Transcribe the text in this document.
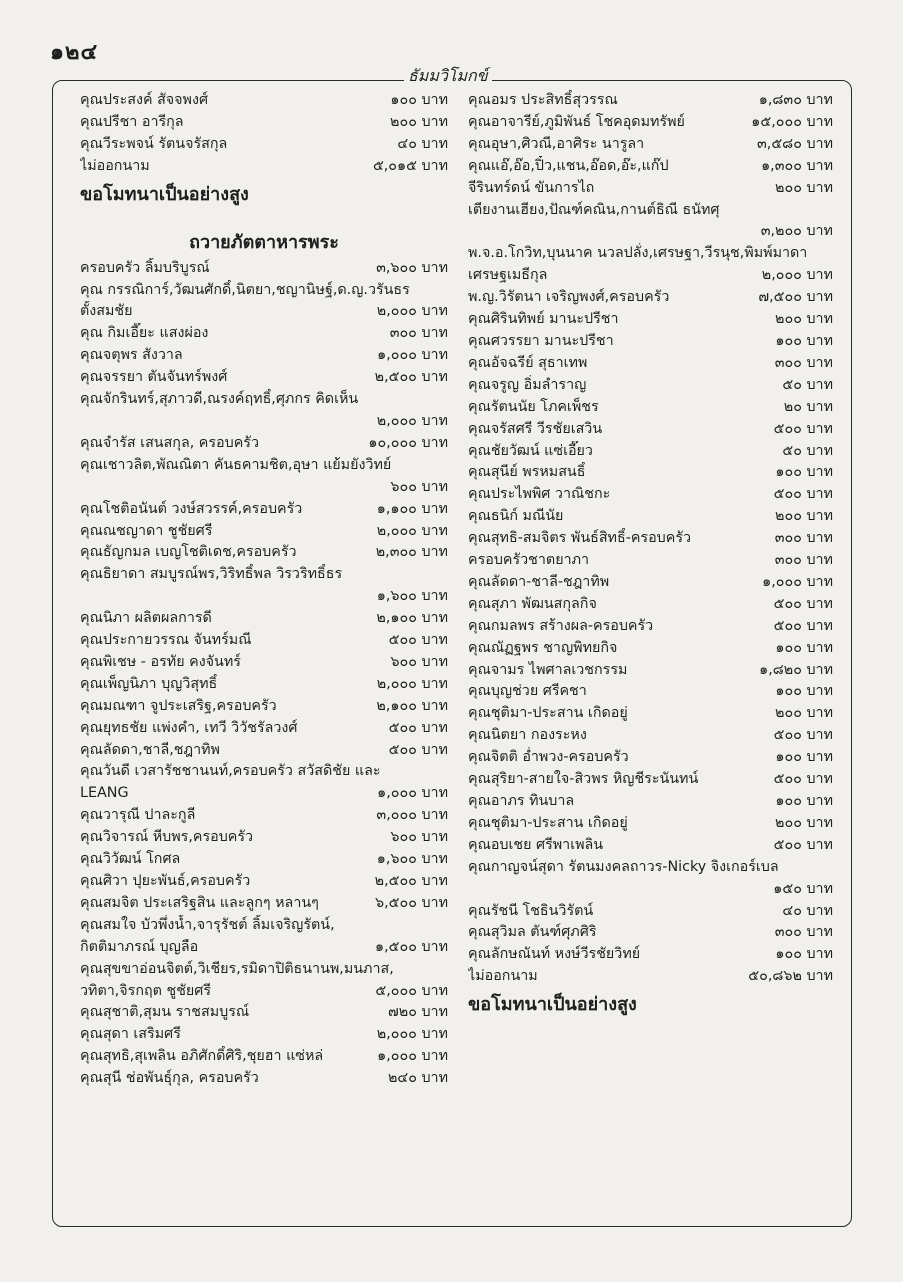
๑๒๔
ธัมมวิโมกข์
คุณประสงค์ สัจจพงศ์	๑๐๐ บาท
คุณปรีชา อารีกุล	๒๐๐ บาท
คุณวีระพจน์ รัตนจรัสกุล	๔๐ บาท
ไม่ออกนาม	๕,๐๑๕ บาท
ขอโมทนาเป็นอย่างสูง
ถวายภัตตาหารพระ
ครอบครัว ลิ้มบริบูรณ์	๓,๖๐๐ บาท
คุณ กรรณิการ์,วัฒนศักดิ์,นิตยา,ชญานิษฐ์,ด.ญ.วรันธร
ตั้งสมชัย	๒,๐๐๐ บาท
คุณ กิมเอี๊ยะ แสงผ่อง	๓๐๐ บาท
คุณจตุพร สังวาล	๑,๐๐๐ บาท
คุณจรรยา ตันจันทร์พงศ์	๒,๕๐๐ บาท
คุณจักรินทร์,สุภาวดี,ณรงค์ฤทธิ์,ศุภกร คิดเห็น
๒,๐๐๐ บาท
คุณจำรัส เสนสกุล, ครอบครัว	๑๐,๐๐๐ บาท
คุณเชาวลิต,พัณณิตา คันธคามชิต,อุษา แย้มยังวิทย์
๖๐๐ บาท
คุณโชติอนันต์ วงษ์สวรรค์,ครอบครัว	๑,๑๐๐ บาท
คุณณชญาดา ชูชัยศรี	๒,๐๐๐ บาท
คุณธัญกมล เบญโชติเดช,ครอบครัว	๒,๓๐๐ บาท
คุณธิยาดา สมบูรณ์พร,วิริทธิ์พล วิรวริทธิ์ธร
๑,๖๐๐ บาท
คุณนิภา ผลิตผลการดี	๒,๑๐๐ บาท
คุณประกายวรรณ จันทร์มณี	๕๐๐ บาท
คุณพิเชษ - อรทัย คงจันทร์	๖๐๐ บาท
คุณเพ็ญนิภา บุญวิสุทธิ์	๒,๐๐๐ บาท
คุณมณฑา จูประเสริฐ,ครอบครัว	๒,๑๐๐ บาท
คุณยุทธชัย แพ่งคำ, เทวี วิวัชรัลวงศ์	๕๐๐ บาท
คุณลัดดา,ชาลี,ชฎาทิพ	๕๐๐ บาท
คุณวันดี เวสารัชชานนท์,ครอบครัว สวัสดิชัย และ
LEANG	๑,๐๐๐ บาท
คุณวารุณี ปาละกูลี	๓,๐๐๐ บาท
คุณวิจารณ์ หีบพร,ครอบครัว	๖๐๐ บาท
คุณวิวัฒน์ โกศล	๑,๖๐๐ บาท
คุณศิวา ปุยะพันธ์,ครอบครัว	๒,๕๐๐ บาท
คุณสมจิต ประเสริฐสิน และลูกๆ หลานๆ	๖,๕๐๐ บาท
คุณสมใจ บัวพึ่งน้ำ,จารุรัชต์ ลิ้มเจริญรัตน์,
กิตติมาภรณ์ บุญลือ	๑,๕๐๐ บาท
คุณสุขขาอ่อนจิตต์,วิเชียร,รมิดาปิติธนานพ,มนภาส,
วทิตา,จิรกฤต ชูชัยศรี	๕,๐๐๐ บาท
คุณสุชาติ,สุมน ราชสมบูรณ์	๗๒๐ บาท
คุณสุดา เสริมศรี	๒,๐๐๐ บาท
คุณสุทธิ,สุเพลิน อภิศักดิ์ศิริ,ชุยฮา แซ่หล่	๑,๐๐๐ บาท
คุณสุนี ช่อพันธุ์กุล, ครอบครัว	๒๔๐ บาท
คุณอมร ประสิทธิ์สุวรรณ	๑,๘๓๐ บาท
คุณอาจารีย์,ภูมิพันธ์ โชคอุดมทรัพย์	๑๕,๐๐๐ บาท
คุณอุษา,ศิวณี,อาศิระ นารูลา	๓,๕๘๐ บาท
คุณแอ๊,อ๊อ,ปิ๋ว,แชน,อ๊อด,อ๊ะ,แก๊ป	๑,๓๐๐ บาท
จีรินทร์ดน์ ขันการไถ	๒๐๐ บาท
เตียงานเฮียง,ปัณฑ์คณิน,กานต์ธิณี ธนัทศุ
๓,๒๐๐ บาท
พ.จ.อ.โกวิท,บุนนาค นวลปลั่ง,เศรษฐา,วีรนุช,พิมพ์มาดา
เศรษฐเมธีกุล	๒,๐๐๐ บาท
พ.ญ.วิรัตนา เจริญพงศ์,ครอบครัว	๗,๕๐๐ บาท
คุณศิรินทิพย์ มานะปรีชา	๒๐๐ บาท
คุณศวรรยา มานะปรีชา	๑๐๐ บาท
คุณอัจฉรีย์ สุธาเทพ	๓๐๐ บาท
คุณจรูญ อิ่มลำราญ	๕๐ บาท
คุณรัตนนัย โภคเพ็ชร	๒๐ บาท
คุณจรัสศรี วีรชัยเสวิน	๕๐๐ บาท
คุณชัยวัฒน์ แซ่เอี๊ยว	๕๐ บาท
คุณสุนีย์ พรหมสนธิ์	๑๐๐ บาท
คุณประไพพิศ วาณิชกะ	๕๐๐ บาท
คุณธนิก์ มณีนัย	๒๐๐ บาท
คุณสุทธิ-สมจิตร พันธ์สิทธิ์-ครอบครัว	๓๐๐ บาท
ครอบครัวชาตยาภา	๓๐๐ บาท
คุณลัดดา-ชาลี-ชฎาทิพ	๑,๐๐๐ บาท
คุณสุภา พัฒนสกุลกิจ	๕๐๐ บาท
คุณกมลพร สร้างผล-ครอบครัว	๕๐๐ บาท
คุณณัฏฐพร ชาญพิทยกิจ	๑๐๐ บาท
คุณจามร ไพศาลเวชกรรม	๑,๘๒๐ บาท
คุณบุญช่วย ศรีคชา	๑๐๐ บาท
คุณชุติมา-ประสาน เกิดอยู่	๒๐๐ บาท
คุณนิตยา กองระหง	๕๐๐ บาท
คุณจิตติ อ่ำพวง-ครอบครัว	๑๐๐ บาท
คุณสุริยา-สายใจ-สิวพร หิญชีระนันทน์	๕๐๐ บาท
คุณอาภร ทินบาล	๑๐๐ บาท
คุณชุติมา-ประสาน เกิดอยู่	๒๐๐ บาท
คุณอบเชย ศรีพาเพลิน	๕๐๐ บาท
คุณกาญจน์สุดา รัตนมงคลถาวร-Nicky จิงเกอร์เบล
๑๕๐ บาท
คุณรัชนี โชธินวิรัตน์	๔๐ บาท
คุณสุวิมล ตันฑ์ศุภศิริ	๓๐๐ บาท
คุณลักษณันท์ หงษ์วีรชัยวิทย์	๑๐๐ บาท
ไม่ออกนาม	๕๐,๘๖๒ บาท
ขอโมทนาเป็นอย่างสูง
